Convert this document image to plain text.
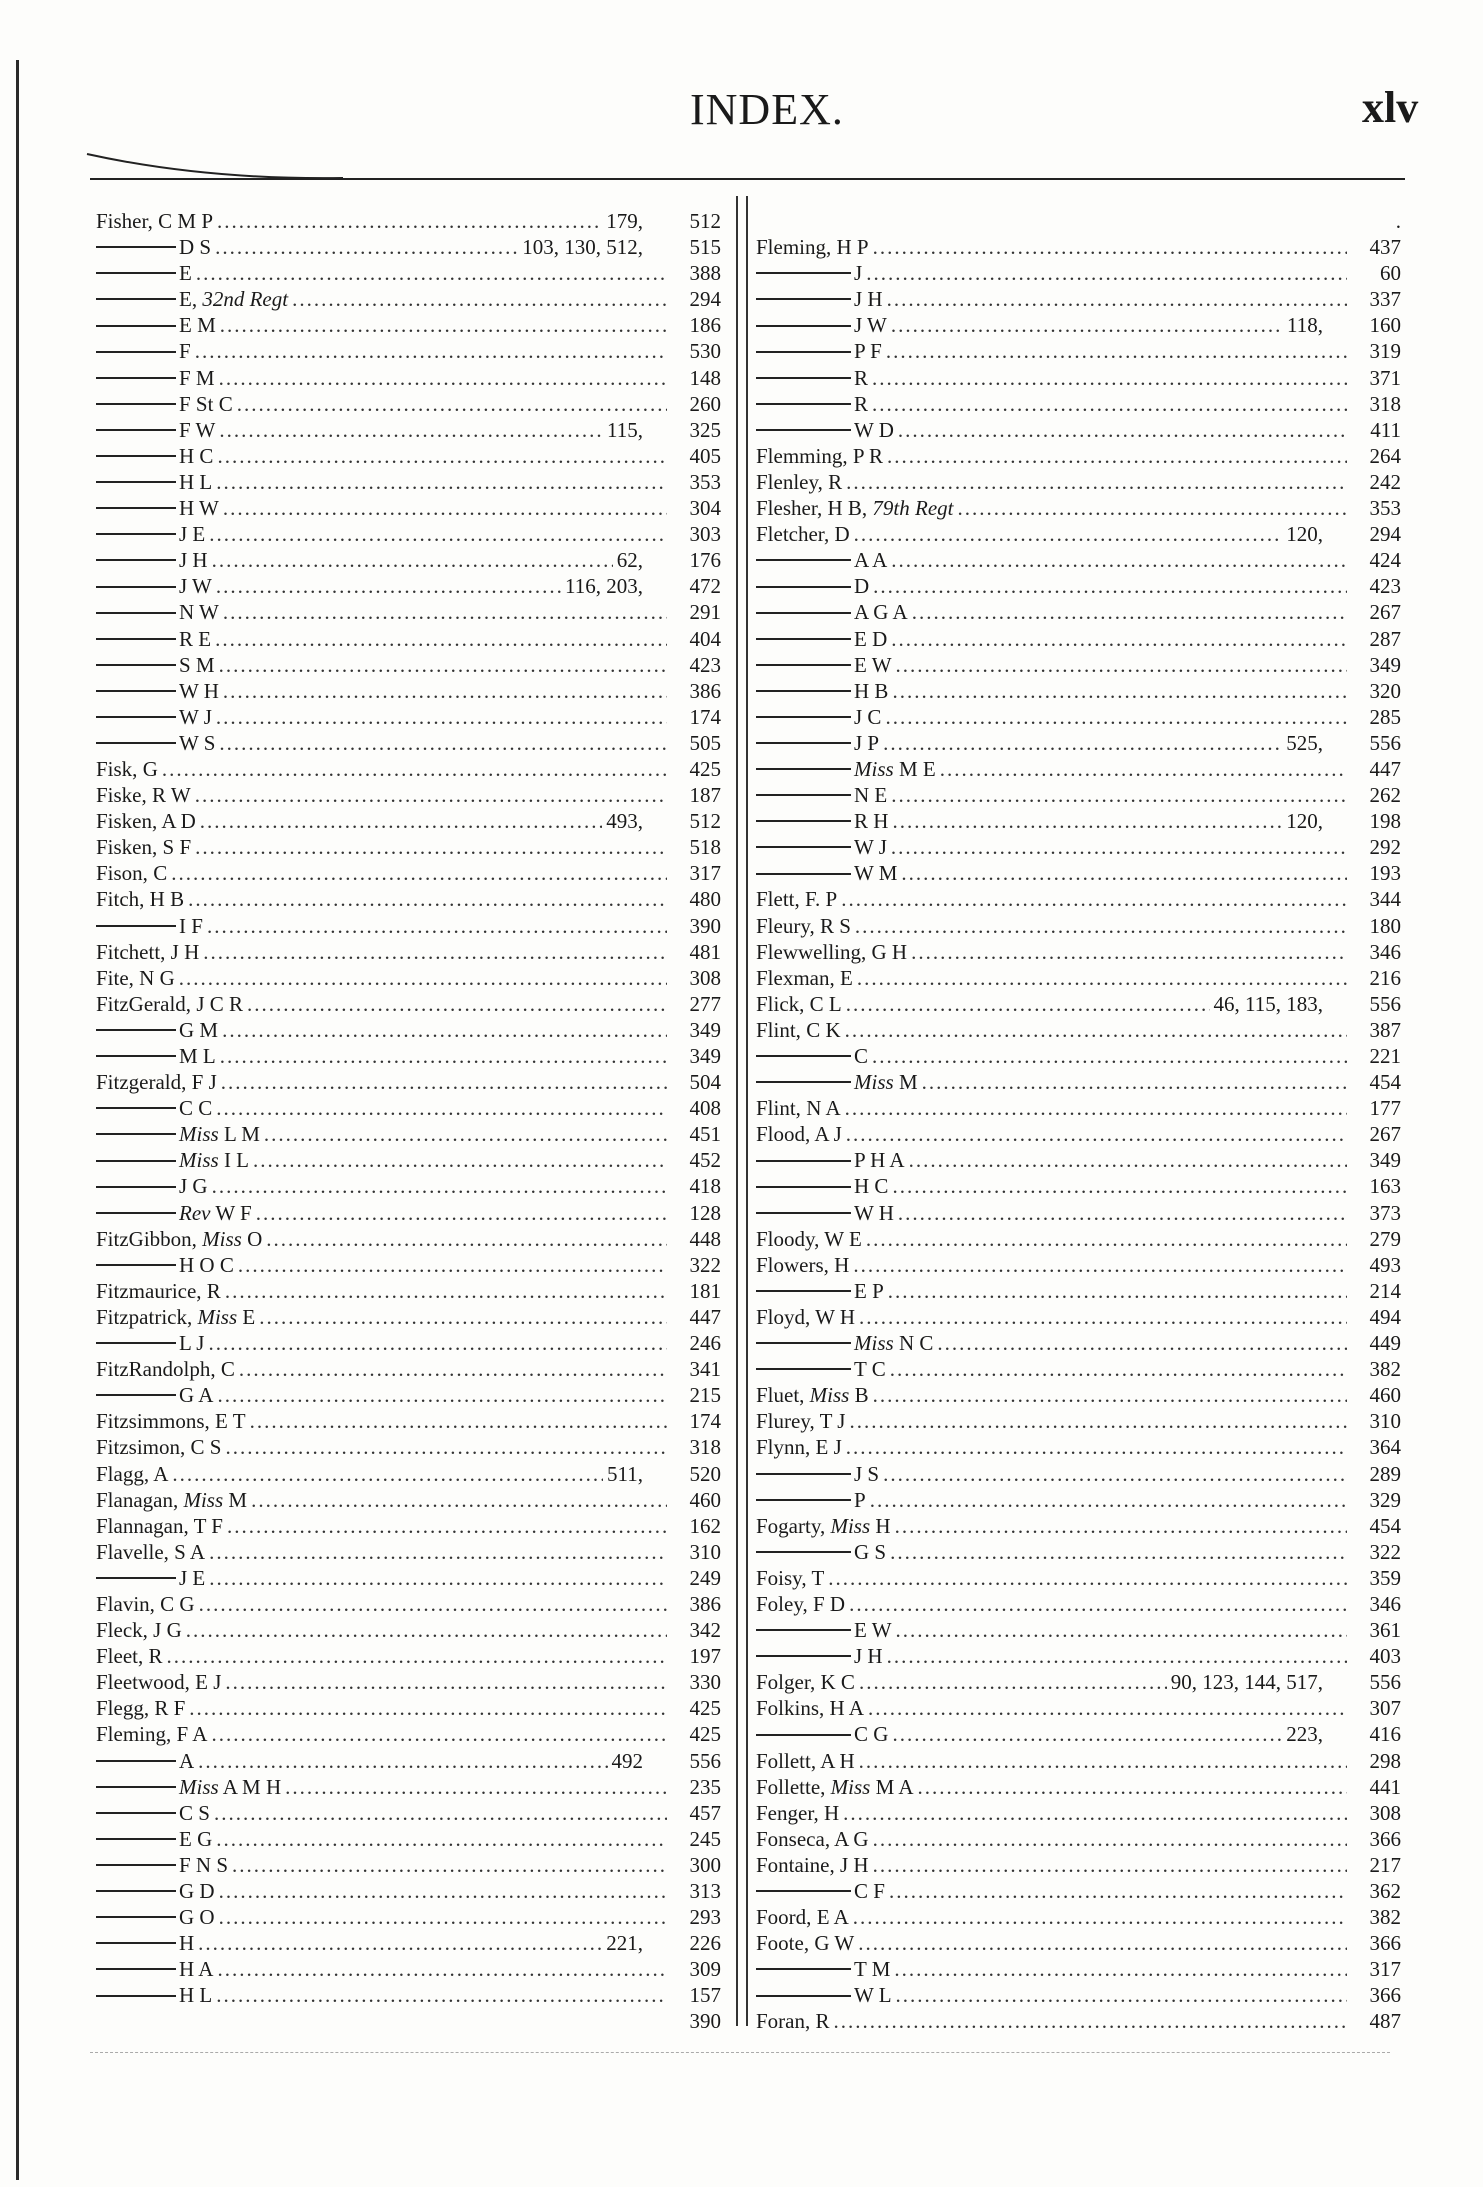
INDEX.	xlv
Fisher, C M P .....	179,	512
D S .....	103, 130, 512,	515
E .....	388
E, 32nd Regt .....	294
E M .....	186
F .....	530
F M .....	148
F St C .....	260
F W .....	115,	325
H C .....	405
H L .....	353
H W .....	304
J E .....	303
J H .....	62,	176
J W .....	116, 203,	472
N W .....	291
R E .....	404
S M .....	423
W H .....	386
W J .....	174
W S .....	505
Fisk, G .....	425
Fiske, R W .....	187
Fisken, A D .....	493,	512
Fisken, S F .....	518
Fison, C .....	317
Fitch, H B .....	480
I F .....	390
Fitchett, J H .....	481
Fite, N G .....	308
FitzGerald, J C R .....	277
G M .....	349
M L .....	349
Fitzgerald, F J .....	504
C C .....	408
Miss L M .....	451
Miss I L .....	452
J G .....	418
Rev W F .....	128
FitzGibbon, Miss O .....	448
H O C .....	322
Fitzmaurice, R .....	181
Fitzpatrick, Miss E .....	447
L J .....	246
FitzRandolph, C .....	341
G A .....	215
Fitzsimmons, E T .....	174
Fitzsimon, C S .....	318
Flagg, A .....	511,	520
Flanagan, Miss M .....	460
Flannagan, T F .....	162
Flavelle, S A .....	310
J E .....	249
Flavin, C G .....	386
Fleck, J G .....	342
Fleet, R .....	197
Fleetwood, E J .....	330
Flegg, R F .....	425
Fleming, F A .....	425
A .....	492	556
Miss A M H .....	235
C S .....	457
E G .....	245
F N S .....	300
G D .....	313
G O .....	293
H .....	221,	226
H A .....	309
H L .....	157
390
.
Fleming, H P .....	437
J .....	60
J H .....	337
J W .....	118,	160
P F .....	319
R .....	371
R .....	318
W D .....	411
Flemming, P R .....	264
Flenley, R .....	242
Flesher, H B, 79th Regt .....	353
Fletcher, D .....	120,	294
A A .....	424
D .....	423
A G A .....	267
E D .....	287
E W .....	349
H B .....	320
J C .....	285
J P .....	525,	556
Miss M E .....	447
N E .....	262
R H .....	120,	198
W J .....	292
W M .....	193
Flett, F. P .....	344
Fleury, R S .....	180
Flewwelling, G H .....	346
Flexman, E .....	216
Flick, C L .....	46, 115, 183,	556
Flint, C K .....	387
C .....	221
Miss M .....	454
Flint, N A .....	177
Flood, A J .....	267
P H A .....	349
H C .....	163
W H .....	373
Floody, W E .....	279
Flowers, H .....	493
E P .....	214
Floyd, W H .....	494
Miss N C .....	449
T C .....	382
Fluet, Miss B .....	460
Flurey, T J .....	310
Flynn, E J .....	364
J S .....	289
P .....	329
Fogarty, Miss H .....	454
G S .....	322
Foisy, T .....	359
Foley, F D .....	346
E W .....	361
J H .....	403
Folger, K C .....	90, 123, 144, 517,	556
Folkins, H A .....	307
C G .....	223,	416
Follett, A H .....	298
Follette, Miss M A .....	441
Fenger, H .....	308
Fonseca, A G .....	366
Fontaine, J H .....	217
C F .....	362
Foord, E A .....	382
Foote, G W .....	366
T M .....	317
W L .....	366
Foran, R .....	487
